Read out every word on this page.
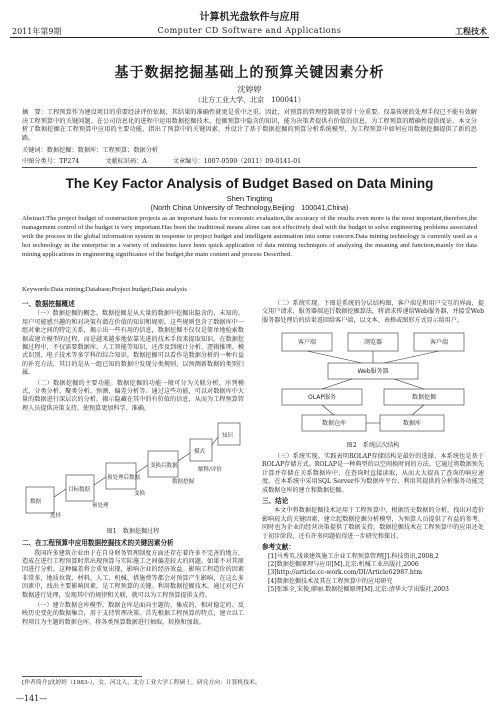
计算机光盘软件与应用
2011年第9期	Computer CD Software and Applications	工程技术
基于数据挖掘基础上的预算关键因素分析
沈婷婷
（北方工业大学，北京　100041）
摘　要：工程预算作为建设项目的重要经济评价依据，其结果的准确性就更是重中之重。因此，对预算的管理控制就显得十分重要。仅靠传统的处理手段已不能有效解决工程预算中的关键问题。在公司信息化的进程中运用数据挖掘技术，挖掘预算中隐含的知识，能为决策者提供有价值的信息，为工程预算的精确性提供保证。本文分析了数据挖掘在工程预算中应用的主要功能，指出了预算中的关键因素，并设计了基于数据挖掘的预算分析系统模型，为工程预算中如何应用数据挖掘提供了新的思路。
关键词：数据挖掘；数据库；工程预算；数据分析
中图分类号：TP274	文献标识码：A	文章编号：1007-9599（2011）09-0141-01
The Key Factor Analysis of Budget Based on Data Mining
Shen Tingting
(North China University of Technology,Beijing　100041,China)
Abstract:The project budget of construction projects as an important basis for economic evaluation,the accuracy of the results even more is the most important,therefore,the management control of the budget is very important.Has been the traditional means alone can not effectively deal with the budget to solve engineering problems associated with the process in the global information system in response to project budget and intelligent automation into some concern.Data mining technology is currently used as a hot technology in the enterprise in a variety of industries have been quick application of data mining techniques of analyzing the meaning and function,mainly for data mining applications in engineering significance of the budget,the main content and process Described.
Keywords:Data mining;Database;Project budget;Data analysis

一、数据挖掘概述

（一）数据挖掘的概念。数据挖掘是从大量的数据中挖掘出隐含的、未知的、用户可能感兴趣的和对决策有潜在价值的知识和规则。这些规则包含了数据库中一组对象之间的特定关系，揭示出一些有用的信息，数据挖掘不仅仅是简单地检索数据或建立模型的过程，而是越来越多地依靠先进的技术手段来提取知识。在数据挖掘过程中，不仅需要数据库、人工智能等知识，还涉及到统计分析、逻辑推理、模式识别、电子技术等多学科的综合知识。数据挖掘可以看作是数据分析的一种有益的补充方法，其目的是从一组已知的数据中发现分类规则，以预测新数据的类别归属。

（二）数据挖掘的主要功能。数据挖掘的功能一般可分为关联分析、序列模式、分类分析、聚类分析、预测、偏差分析等。通过这些功能，可以对数据库中大量的数据进行深层次的分析，揭示隐藏在其中的有价值的信息，从而为工程预算管理人员提供决策支持，使预算更加科学、准确。

数据
目标数据
预处理后数据
变换后数据
模式
知识
选择
预处理
变换
数据挖掘
解释/评价

图1　数据挖掘过程

二、在工程预算中应用数据挖掘技术的关键因素分析

我国许多建筑企业由于在自身财务管理制度方面还存在着许多不完善的地方，造成在进行工程预算时常出现预算与实际施工之间偏差较大的问题。如果不对其原因进行分析，这种偏差将会重复出现，影响企业的经济效益。影响工程造价的因素非常多，地质位置、材料、人工、机械、措施费等都会对预算产生影响，在这么多因素中，找出主要影响因素，是工程预算的关键。利用数据挖掘技术，通过对已有数据进行处理，发现其中的规律和关联，就可以为工程预算提供支持。

（一）建立数据仓库模型。数据仓库是面向主题的、集成的、相对稳定的、反映历史变化的数据集合，用于支持管理决策。首先根据工程预算的特点，建立以工程项目为主题的数据仓库，将各类预算数据进行抽取、转换和加载。

（二）系统实现。下图是系统的分层结构图，客户端是和用户交互的界面，提交用户请求，服务器端运行数据挖掘算法，将请求传递给Web服务器，并接受Web服务器处理后的结果返回给客户端，以文本、表格或图形方式显示给用户。

客户端	浏览器	客户端
Web服务器
OLAP服务	数据挖掘
数据仓库	数据库

图2　系统层次结构

（三）系统实现。实践表明ROLAP存储结构是最好的选择，本系统也是基于ROLAP存储方式。ROLAP是一种典型的以空间换时间的方法，它通过将数据预先计算并存储在关系数据库中，在查询时直接读取，从而大大提高了查询的响应速度。在本系统中采用SQL Server作为数据库平台，利用其提供的分析服务功能完成数据仓库的建立和数据挖掘。

三、结论

本文中将数据挖掘技术运用于工程预算中，根据历史数据的分析，找出对造价影响较大的关键因素，建立起数据挖掘分析模型，为预算人员提供了有益的参考，同时也为企业的经营决策提供了数据支持。数据挖掘技术在工程预算中的应用还处于初步阶段，还有许多问题值得进一步研究和探讨。

参考文献：

[1]马秀英.浅谈建筑施工企业工程预算管理[J].科技资讯,2008,2

[2]数据挖掘原理与应用[M].北京:机械工业出版社,2006

[3]http://article.cc-work.com/DI/Article62987.htm

[4]数据挖掘技术及其在工程预算中的应用研究

[5]张维全,宋俊,廖丽.数据挖掘原理[M].北京:清华大学出版社,2003

[作者简介]沈婷婷（1983-），女，河北人，北方工业大学工程硕士，研究方向：计算机技术。
—141—
